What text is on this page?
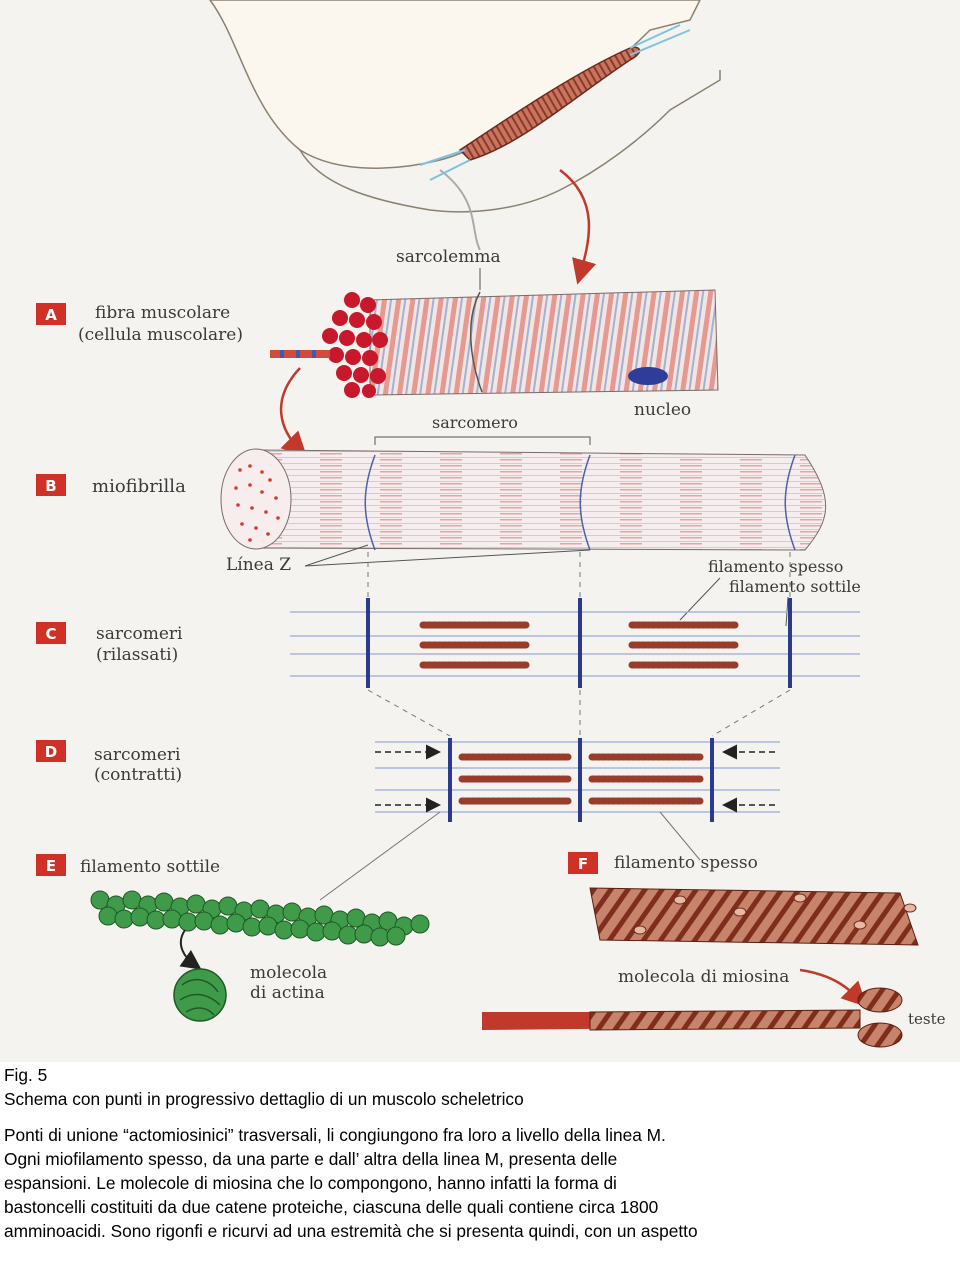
A
B
C
D
E	F
fibra muscolare
(cellula muscolare)
miofibrilla
sarcomeri
(rilassati)
sarcomeri
(contratti)
filamento sottile	filamento spesso
sarcolemma
nucleo
sarcomero
Línea Z	filamento spesso
filamento sottile
molecola
di actina
molecola di miosina
teste
Fig. 5
Schema con punti in progressivo dettaglio di un muscolo scheletrico
Ponti di unione “actomiosinici” trasversali, li congiungono fra loro a livello della linea M.
Ogni miofilamento spesso, da una parte e dall’ altra della linea M, presenta delle
espansioni. Le molecole di miosina che lo compongono, hanno infatti la forma di
bastoncelli costituiti da due catene proteiche, ciascuna delle quali contiene circa 1800
amminoacidi. Sono rigonfi e ricurvi ad una estremità che si presenta quindi, con un aspetto
